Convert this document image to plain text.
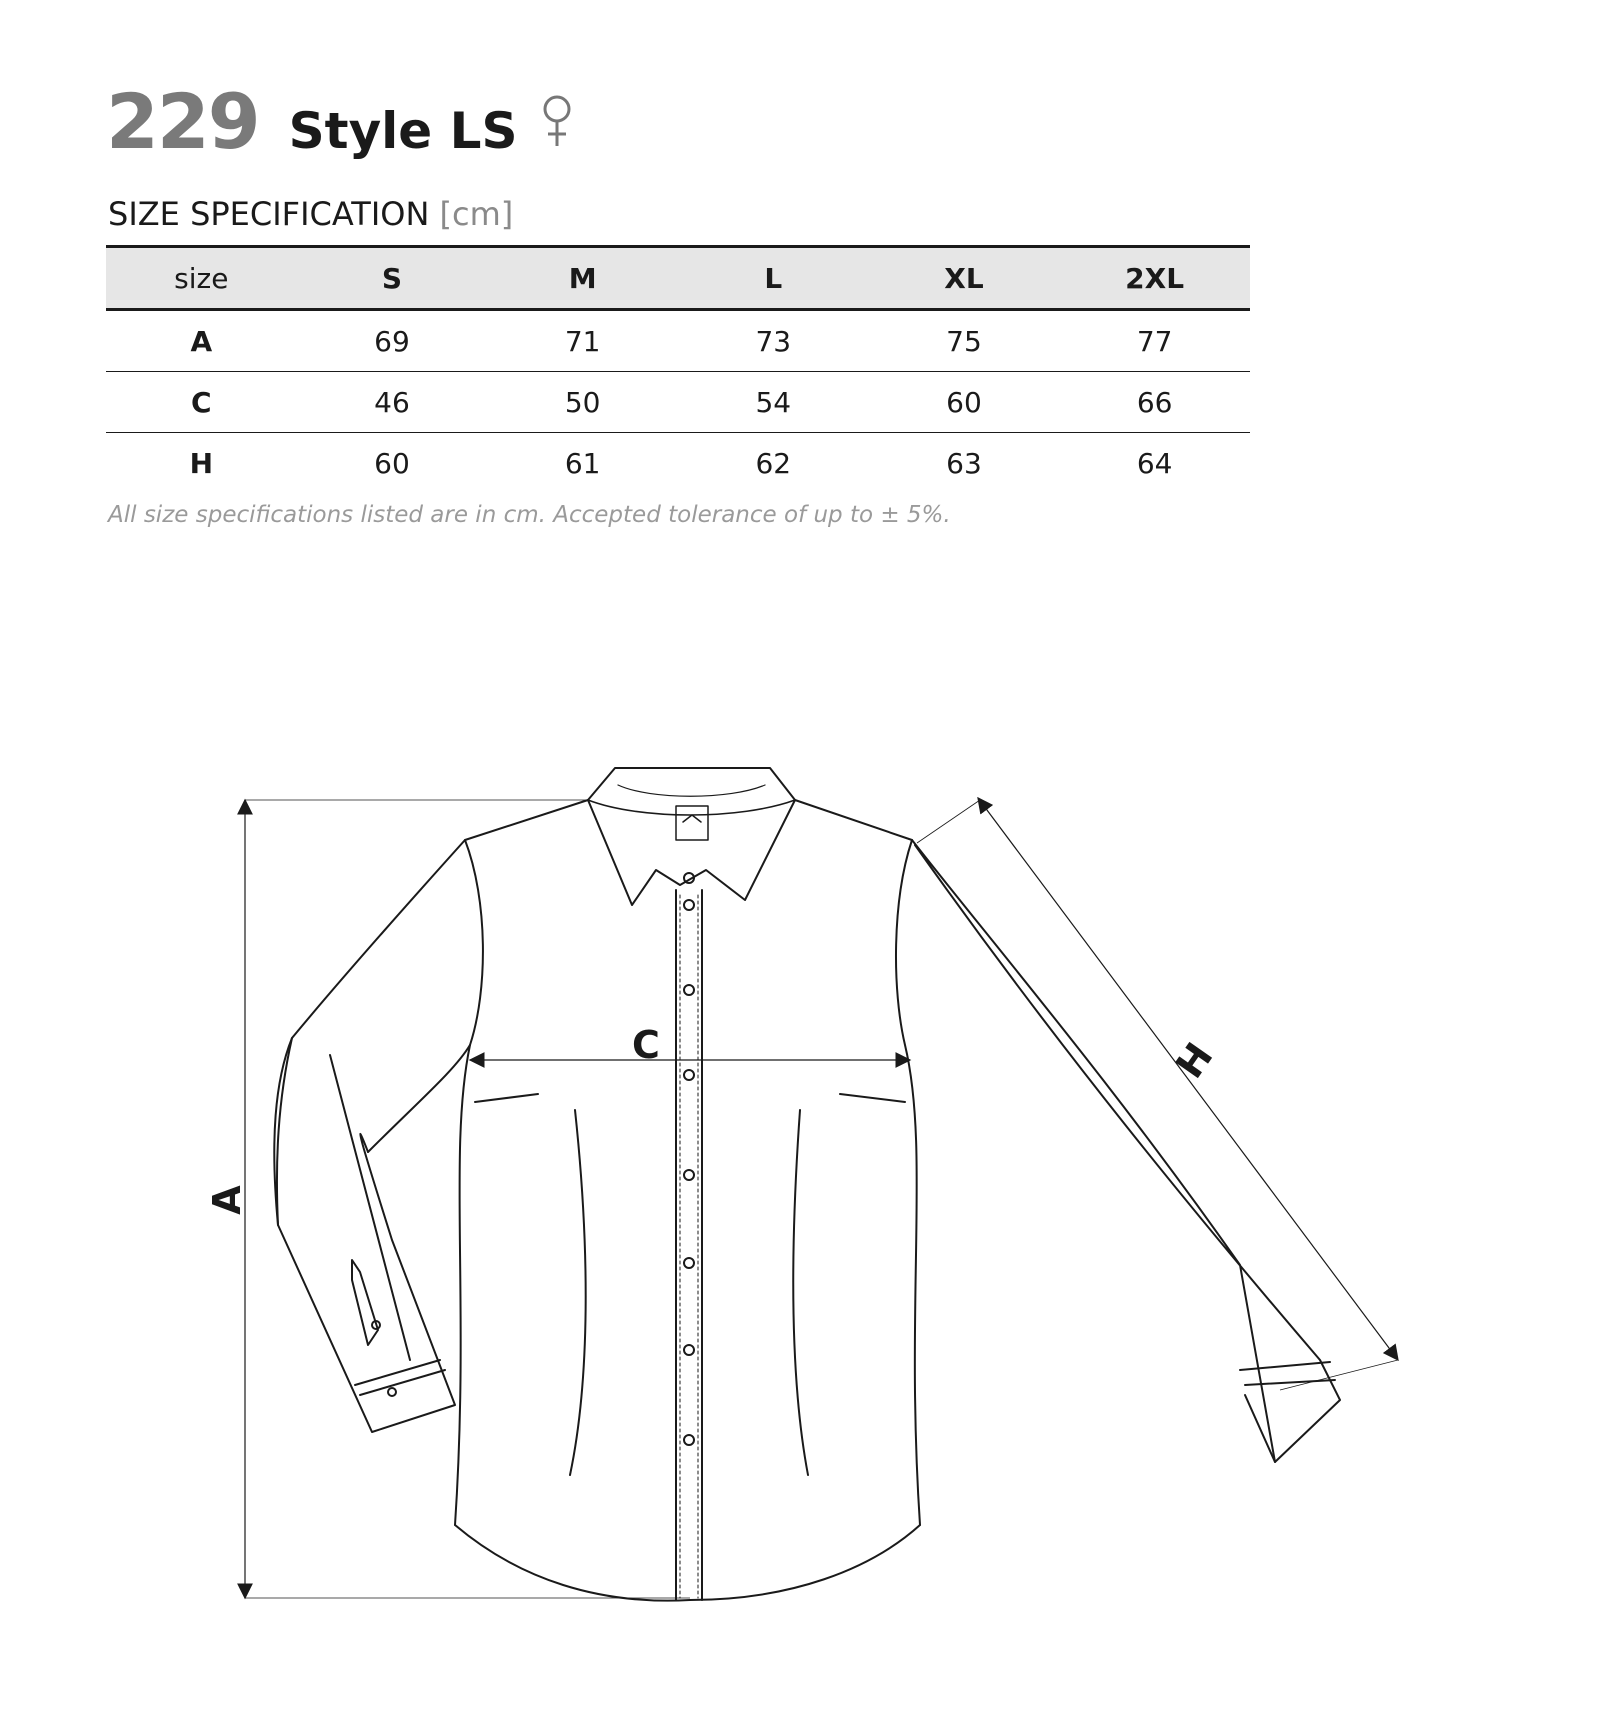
229 Style LS
SIZE SPECIFICATION [cm]
size	S	M	L	XL	2XL
A	69	71	73	75	77
C	46	50	54	60	66
H	60	61	62	63	64
All size specifications listed are in cm. Accepted tolerance of up to ± 5%.
A
C	H
